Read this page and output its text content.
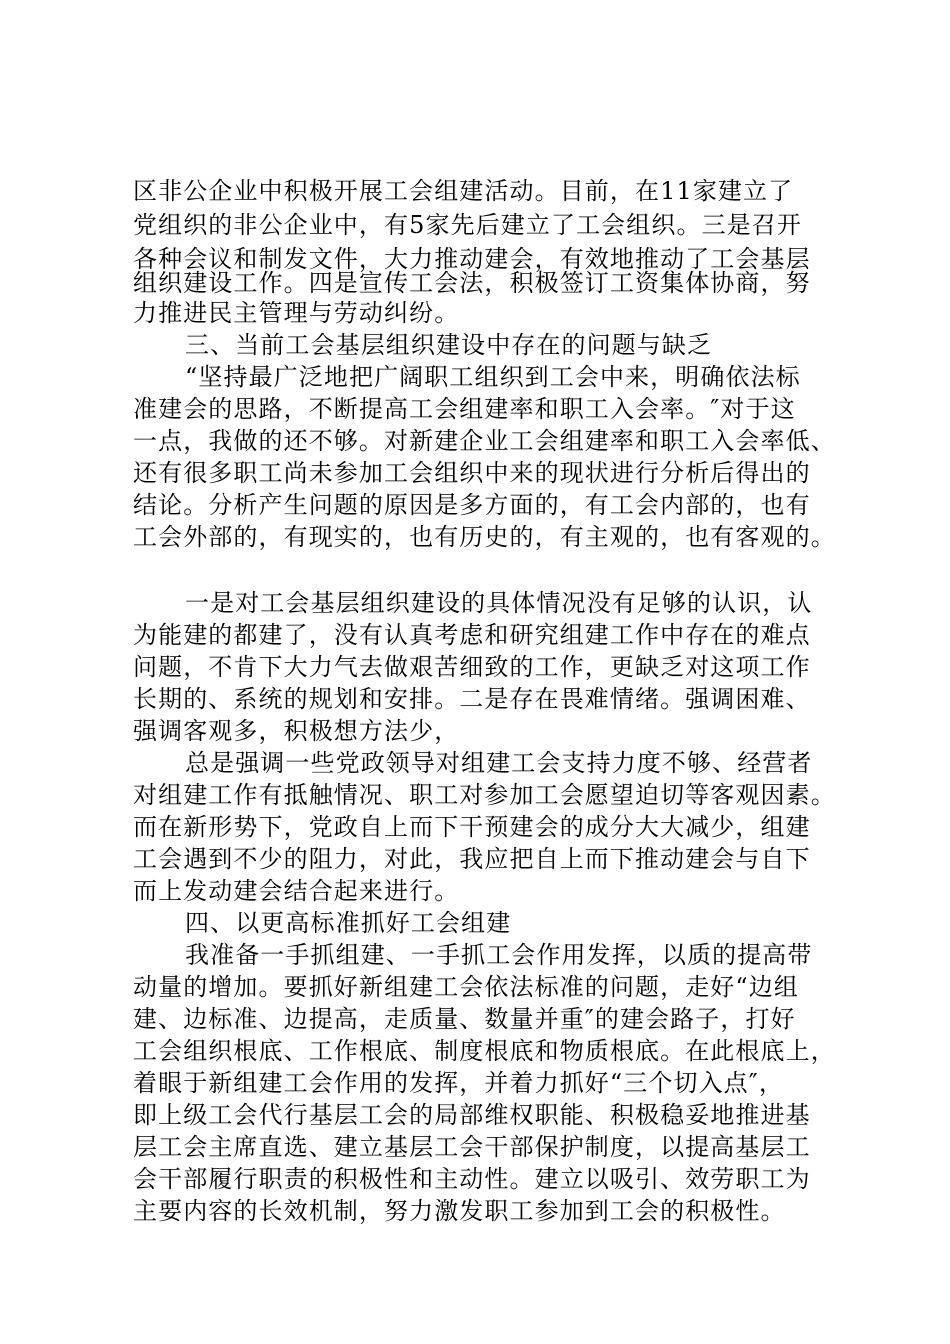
区非公企业中积极开展工会组建活动。目前，在11家建立了
党组织的非公企业中，有5家先后建立了工会组织。三是召开
各种会议和制发文件，大力推动建会，有效地推动了工会基层
组织建设工作。四是宣传工会法，积极签订工资集体协商，努
力推进民主管理与劳动纠纷。
三、当前工会基层组织建设中存在的问题与缺乏
“坚持最广泛地把广阔职工组织到工会中来，明确依法标
准建会的思路，不断提高工会组建率和职工入会率。″对于这
一点，我做的还不够。对新建企业工会组建率和职工入会率低、
还有很多职工尚未参加工会组织中来的现状进行分析后得出的
结论。分析产生问题的原因是多方面的，有工会内部的，也有
工会外部的，有现实的，也有历史的，有主观的，也有客观的。
一是对工会基层组织建设的具体情况没有足够的认识，认
为能建的都建了，没有认真考虑和研究组建工作中存在的难点
问题，不肯下大力气去做艰苦细致的工作，更缺乏对这项工作
长期的、系统的规划和安排。二是存在畏难情绪。强调困难、
强调客观多，积极想方法少，
总是强调一些党政领导对组建工会支持力度不够、经营者
对组建工作有抵触情况、职工对参加工会愿望迫切等客观因素。
而在新形势下，党政自上而下干预建会的成分大大减少，组建
工会遇到不少的阻力，对此，我应把自上而下推动建会与自下
而上发动建会结合起来进行。
四、以更高标准抓好工会组建
我准备一手抓组建、一手抓工会作用发挥，以质的提高带
动量的增加。要抓好新组建工会依法标准的问题，走好“边组
建、边标准、边提高，走质量、数量并重″的建会路子，打好
工会组织根底、工作根底、制度根底和物质根底。在此根底上，
着眼于新组建工会作用的发挥，并着力抓好“三个切入点″，
即上级工会代行基层工会的局部维权职能、积极稳妥地推进基
层工会主席直选、建立基层工会干部保护制度，以提高基层工
会干部履行职责的积极性和主动性。建立以吸引、效劳职工为
主要内容的长效机制，努力激发职工参加到工会的积极性。
